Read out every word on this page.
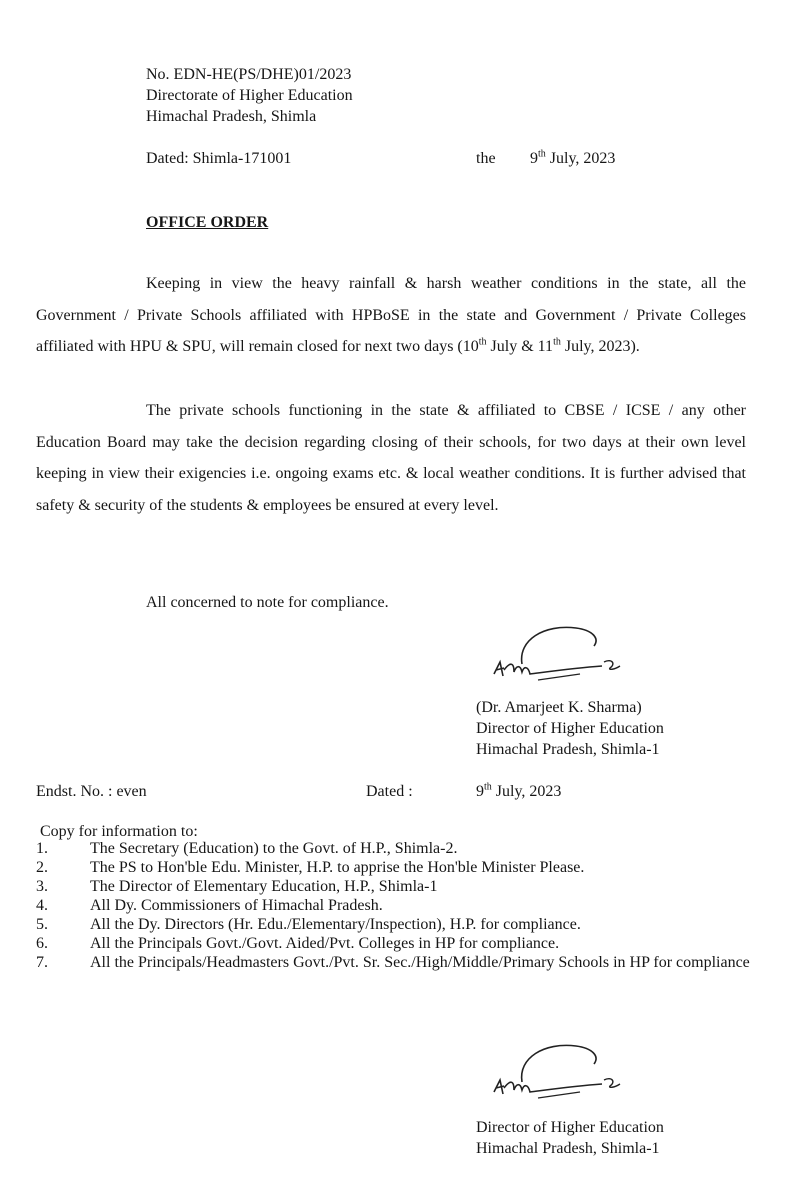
No. EDN-HE(PS/DHE)01/2023
Directorate of Higher Education
Himachal Pradesh, Shimla
Dated: Shimla-171001	the 9th July, 2023
OFFICE ORDER
Keeping in view the heavy rainfall & harsh weather conditions in the state, all the Government / Private Schools affiliated with HPBoSE in the state and Government / Private Colleges affiliated with HPU & SPU, will remain closed for next two days (10th July & 11th July, 2023).
The private schools functioning in the state & affiliated to CBSE / ICSE / any other Education Board may take the decision regarding closing of their schools, for two days at their own level keeping in view their exigencies i.e. ongoing exams etc. & local weather conditions. It is further advised that safety & security of the students & employees be ensured at every level.
All concerned to note for compliance.
(Dr. Amarjeet K. Sharma)
Director of Higher Education
Himachal Pradesh, Shimla-1
Endst. No. : even	Dated :	9th July, 2023
Copy for information to:
1.	The Secretary (Education) to the Govt. of H.P., Shimla-2.
2.	The PS to Hon'ble Edu. Minister, H.P. to apprise the Hon'ble Minister Please.
3.	The Director of Elementary Education, H.P., Shimla-1
4.	All Dy. Commissioners of Himachal Pradesh.
5.	All the Dy. Directors (Hr. Edu./Elementary/Inspection), H.P. for compliance.
6.	All the Principals Govt./Govt. Aided/Pvt. Colleges in HP for compliance.
7.	All the Principals/Headmasters Govt./Pvt. Sr. Sec./High/Middle/Primary Schools in HP for compliance
Director of Higher Education
Himachal Pradesh, Shimla-1
